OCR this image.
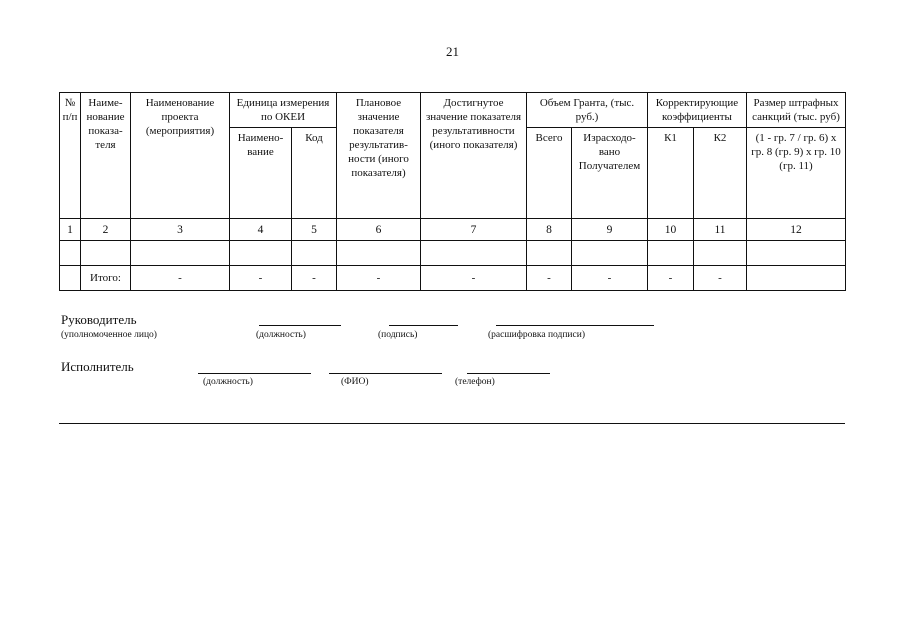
21
№ п/п	Наиме-нование показа-теля	Наименование проекта (мероприятия)	Единица измерения по ОКЕИ		Плановое значение показателя результатив-ности (иного показателя)	Достигнутое значение показателя результативности (иного показателя)	Объем Гранта, (тыс. руб.)		Корректирующие коэффициенты		Размер штрафных санкций (тыс. руб)
			Наимено-вание	Код			Всего	Израсходо-вано Получателем	К1	К2	(1 - гр. 7 / гр. 6) x гр. 8 (гр. 9) x гр. 10 (гр. 11)
1	2	3	4	5	6	7	8	9	10	11	12

	Итого:	-	-	-	-	-	-	-	-	-	
Руководитель
(уполномоченное лицо)	(должность)	(подпись)	(расшифровка подписи)
Исполнитель
(должность)	(ФИО)	(телефон)
